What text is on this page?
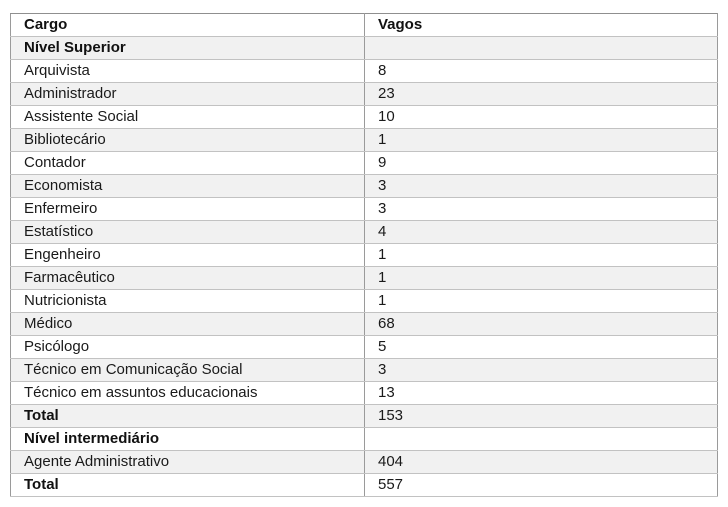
Cargo	Vagos
Nível Superior	
Arquivista	8
Administrador	23
Assistente Social	10
Bibliotecário	1
Contador	9
Economista	3
Enfermeiro	3
Estatístico	4
Engenheiro	1
Farmacêutico	1
Nutricionista	1
Médico	68
Psicólogo	5
Técnico em Comunicação Social	3
Técnico em assuntos educacionais	13
Total	153
Nível intermediário	
Agente Administrativo	404
Total	557
